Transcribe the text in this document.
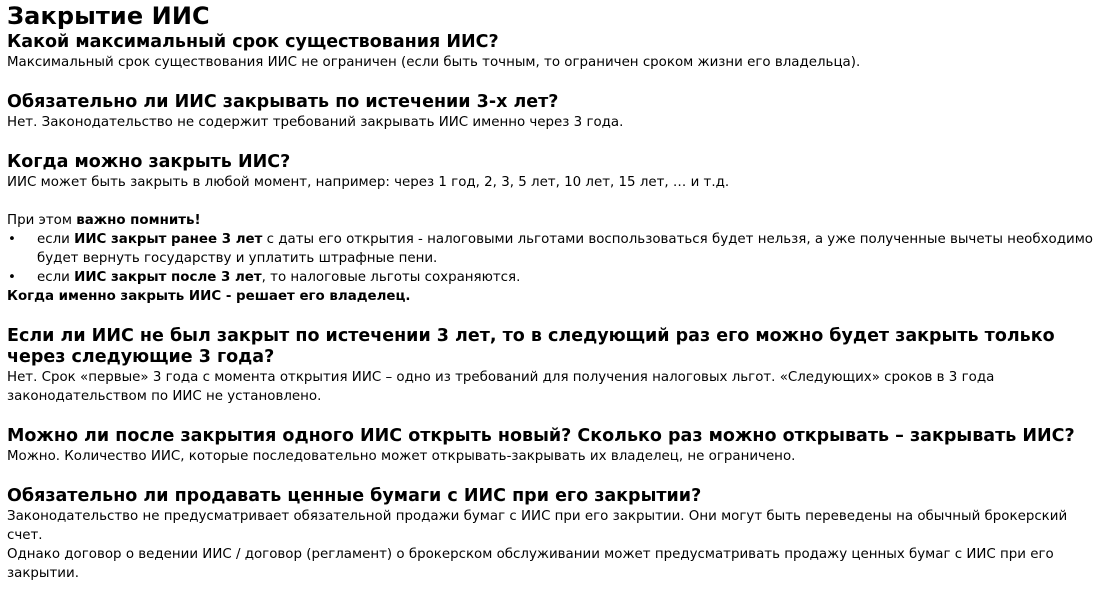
Закрытие ИИС

Какой максимальный срок существования ИИС?

Максимальный срок существования ИИС не ограничен (если быть точным, то ограничен сроком жизни его владельца).

Обязательно ли ИИС закрывать по истечении 3-х лет?

Нет. Законодательство не содержит требований закрывать ИИС именно через 3 года.

Когда можно закрыть ИИС?

ИИС может быть закрыть в любой момент, например: через 1 год, 2, 3, 5 лет, 10 лет, 15 лет, … и т.д.

При этом важно помнить!

• если ИИС закрыт ранее 3 лет с даты его открытия - налоговыми льготами воспользоваться будет нельзя, а уже полученные вычеты необходимо будет вернуть государству и уплатить штрафные пени.
• если ИИС закрыт после 3 лет, то налоговые льготы сохраняются.

Когда именно закрыть ИИС - решает его владелец.

Если ли ИИС не был закрыт по истечении 3 лет, то в следующий раз его можно будет закрыть только через следующие 3 года?

Нет. Срок «первые» 3 года с момента открытия ИИС – одно из требований для получения налоговых льгот. «Следующих» сроков в 3 года законодательством по ИИС не установлено.

Можно ли после закрытия одного ИИС открыть новый? Сколько раз можно открывать – закрывать ИИС?

Можно. Количество ИИС, которые последовательно может открывать-закрывать их владелец, не ограничено.

Обязательно ли продавать ценные бумаги с ИИС при его закрытии?

Законодательство не предусматривает обязательной продажи бумаг с ИИС при его закрытии. Они могут быть переведены на обычный брокерский счет.

Однако договор о ведении ИИС / договор (регламент) о брокерском обслуживании может предусматривать продажу ценных бумаг с ИИС при его закрытии.
